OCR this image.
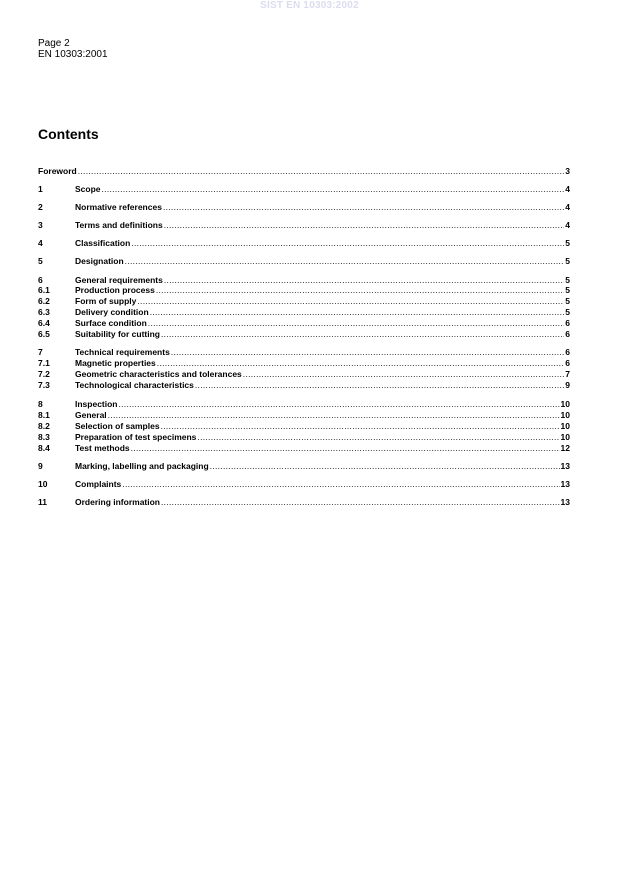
SIST EN 10303:2002
Page 2
EN 10303:2001
Contents
Foreword .....	3
1	Scope .....	4
2	Normative references .....	4
3	Terms and definitions .....	4
4	Classification .....	5
5	Designation .....	5
6	General requirements .....	5
6.1	Production process .....	5
6.2	Form of supply .....	5
6.3	Delivery condition .....	5
6.4	Surface condition .....	6
6.5	Suitability for cutting .....	6
7	Technical requirements .....	6
7.1	Magnetic properties .....	6
7.2	Geometric characteristics and tolerances .....	7
7.3	Technological characteristics .....	9
8	Inspection .....	10
8.1	General .....	10
8.2	Selection of samples .....	10
8.3	Preparation of test specimens .....	10
8.4	Test methods .....	12
9	Marking, labelling and packaging .....	13
10	Complaints .....	13
11	Ordering information .....	13
